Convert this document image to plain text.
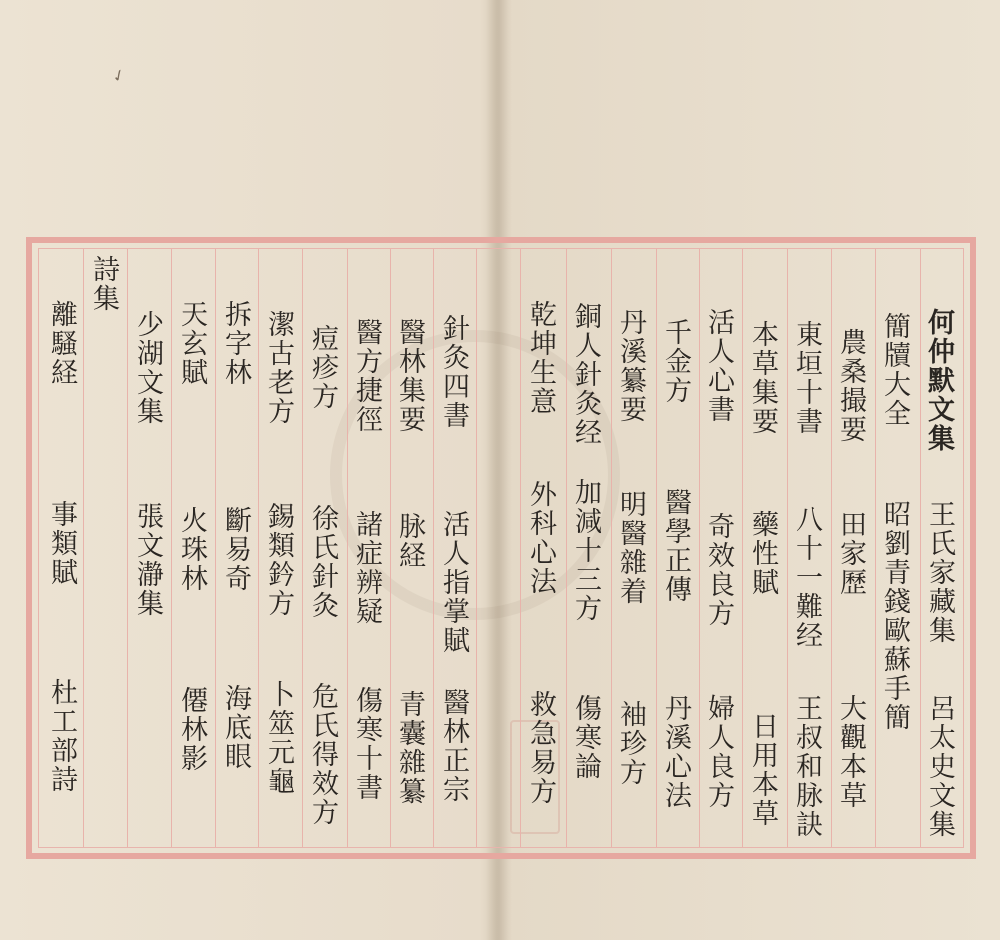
✓
何仲默文集
王氏家藏集
呂太史文集
簡牘大全
昭劉青錢歐蘇手簡
農桑撮要
田家歷
大觀本草
東垣十書
八十一難经
王叔和脉訣
本草集要
藥性賦
日用本草
活人心書
奇效良方
婦人良方
千金方
醫學正傳
丹溪心法
丹溪纂要
明醫雜着
袖珍方
銅人針灸经
加減十三方
傷寒論
乾坤生意
外科心法
救急易方
針灸四書
活人指掌賦
醫林正宗
醫林集要
脉経
青囊雜纂
醫方捷徑
諸症辨疑
傷寒十書
痘疹方
徐氏針灸
危氏得效方
潔古老方
錫類鈐方
卜筮元龜
拆字林
斷易奇
海底眼
天玄賦
火珠林
僊林影
少湖文集
張文瀞集
詩集
離騷経
事類賦
杜工部詩
